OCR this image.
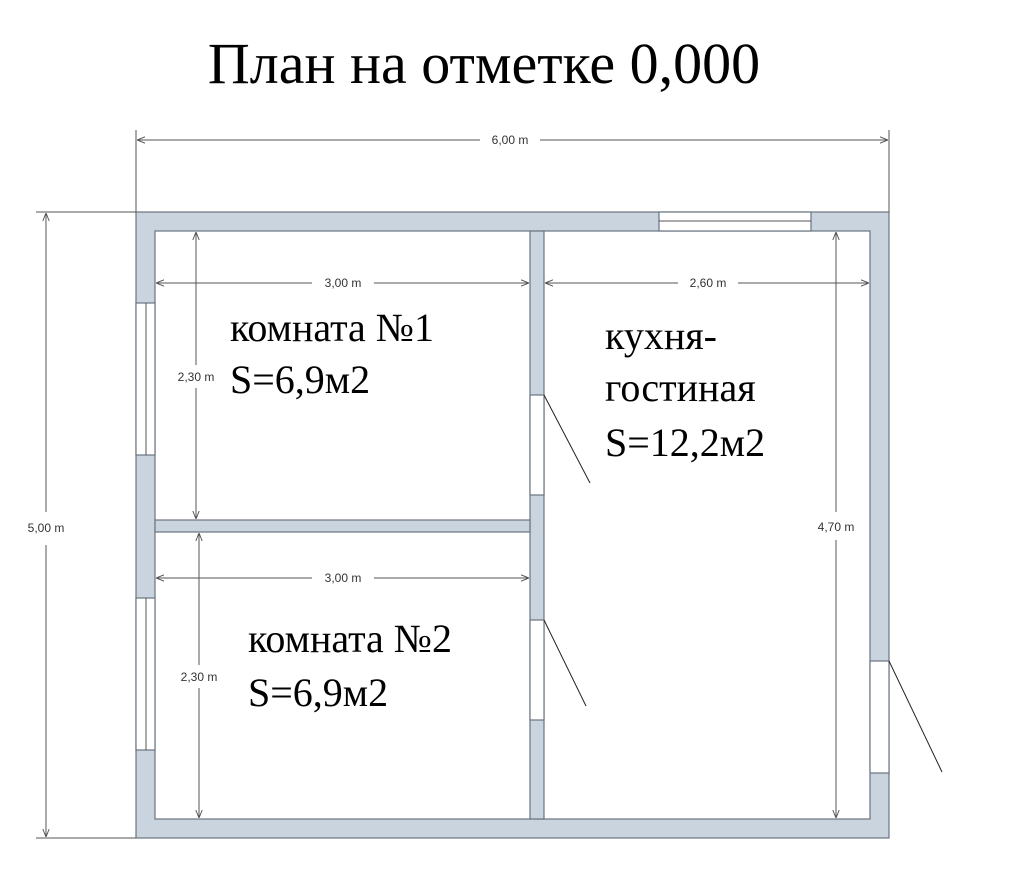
План на отметке 0,000
6,00 m
5,00 m
3,00 m
2,30 m
3,00 m
2,30 m
2,60 m
4,70 m
комната №1
S=6,9м2
комната №2
S=6,9м2
кухня-
гостиная
S=12,2м2
